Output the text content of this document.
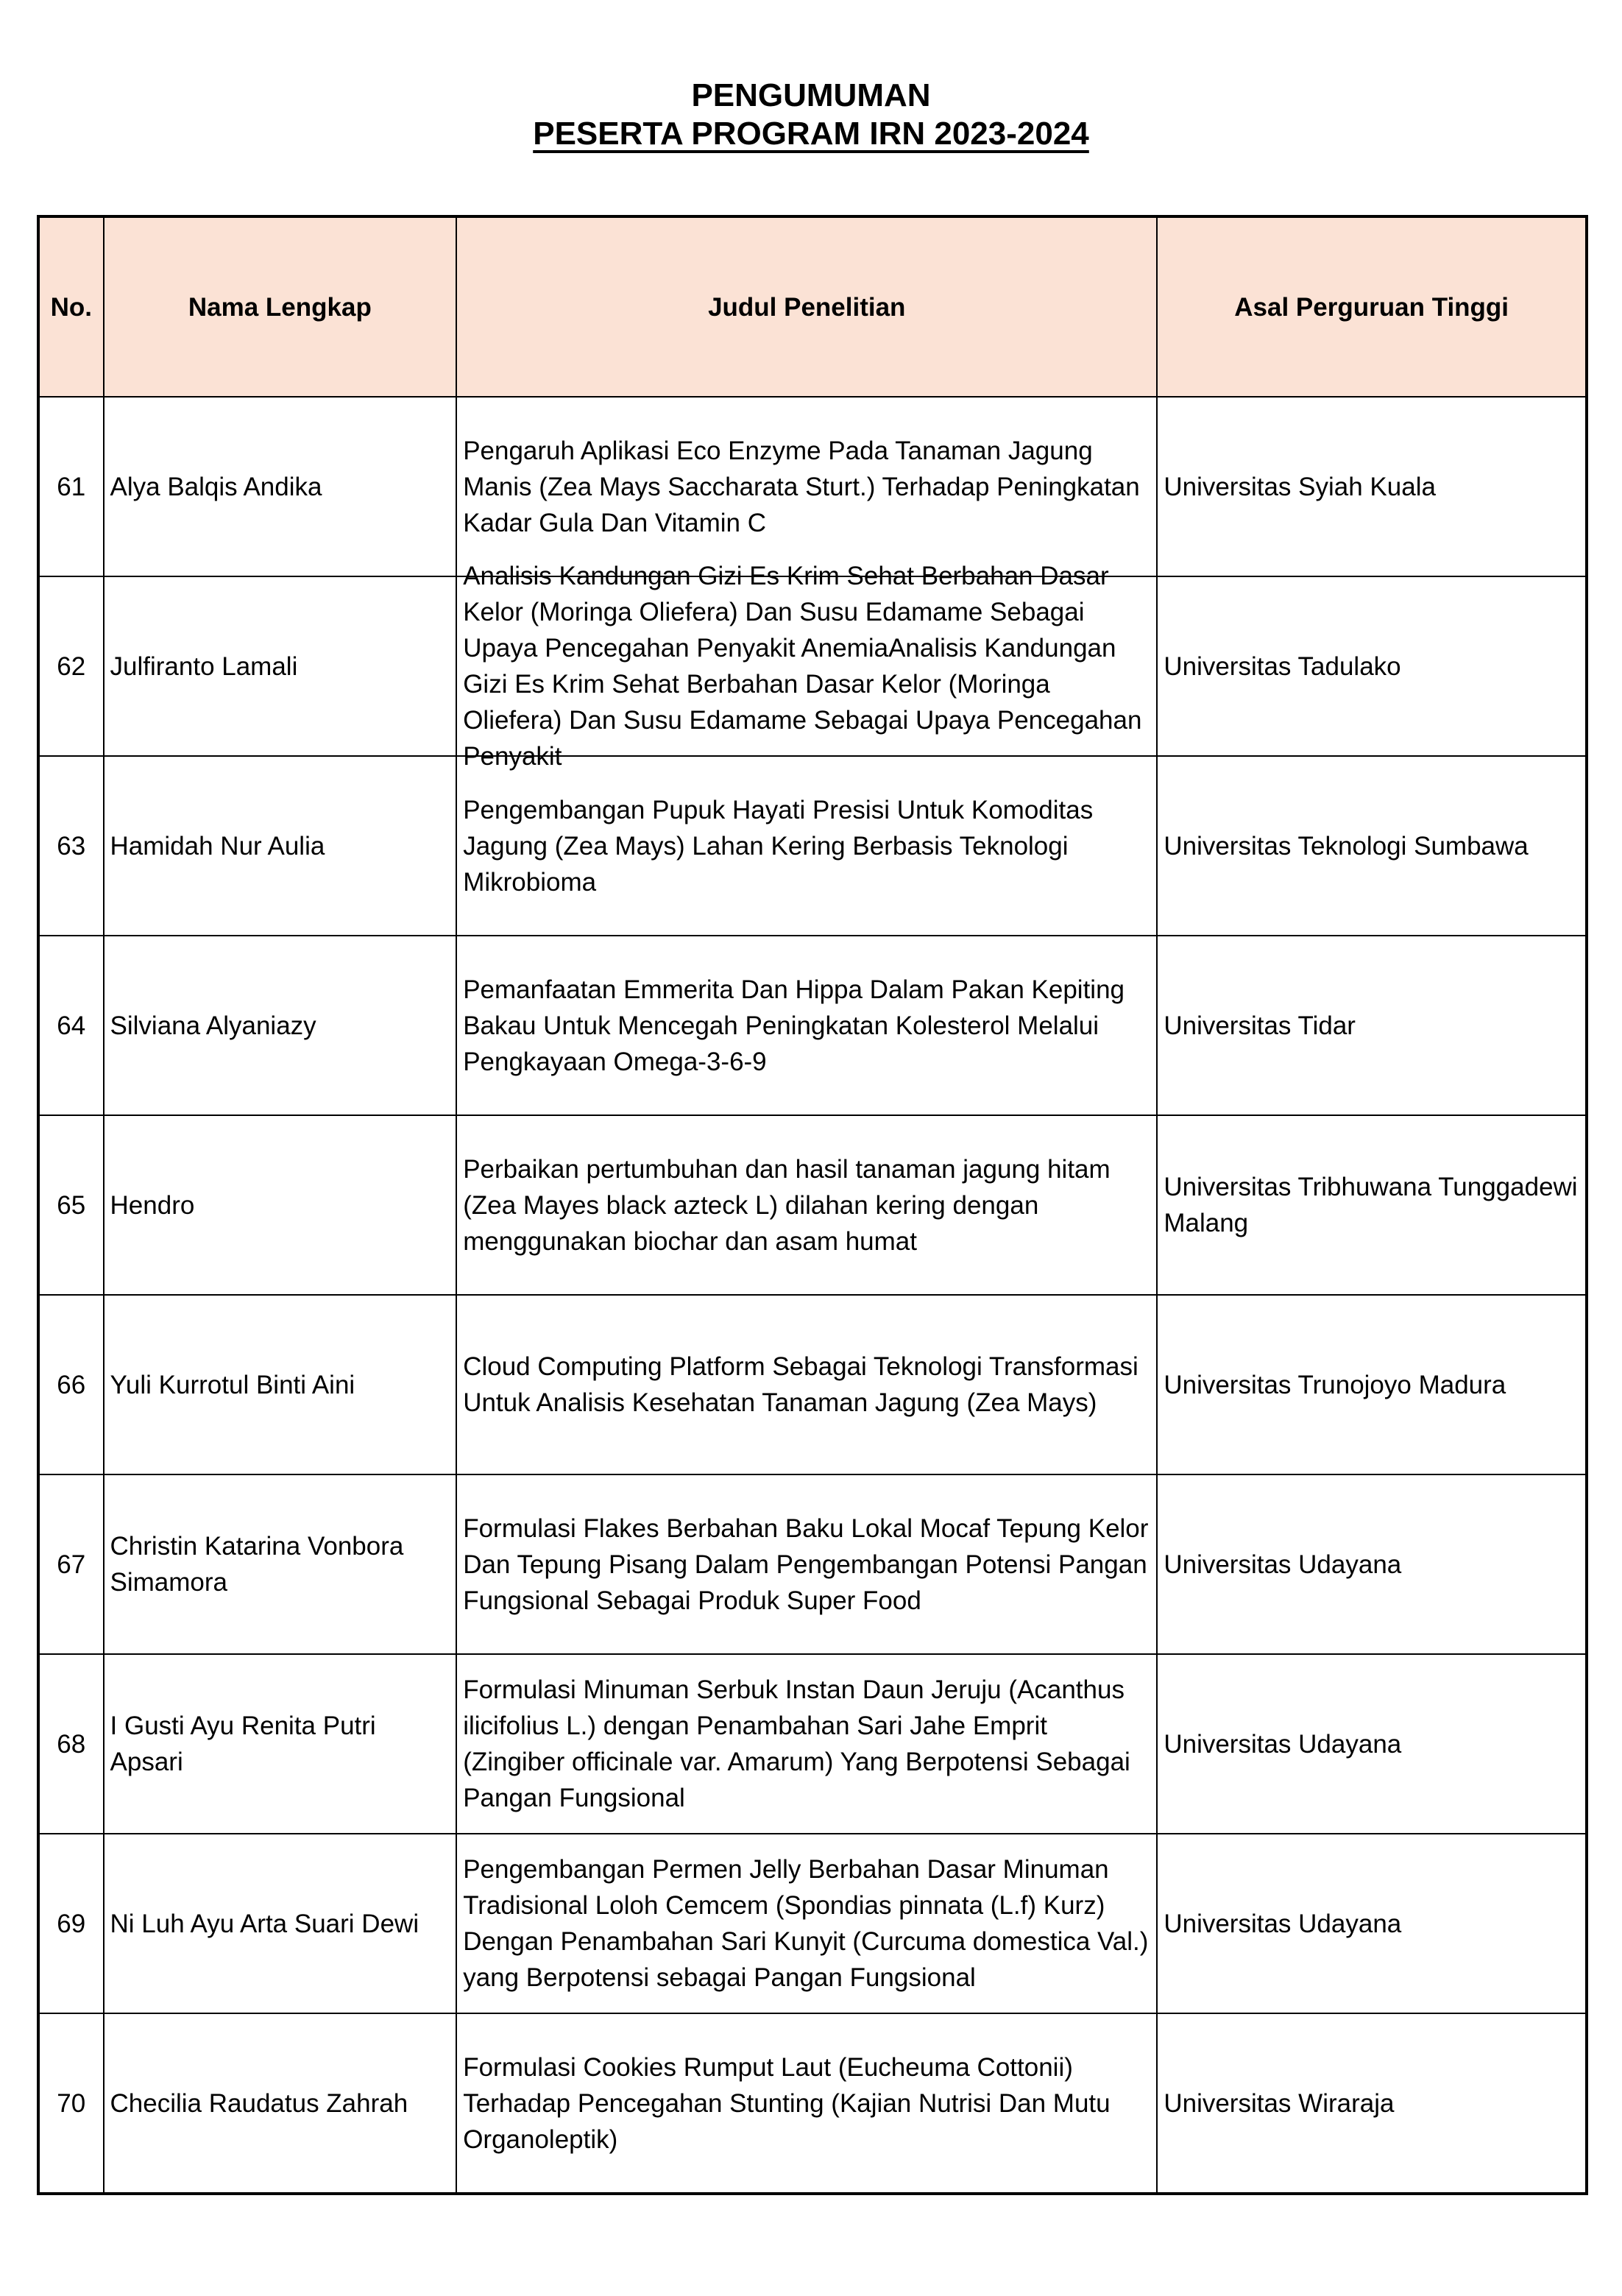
PENGUMUMAN
PESERTA PROGRAM IRN 2023-2024
No.	Nama Lengkap	Judul Penelitian	Asal Perguruan Tinggi

61	Alya Balqis Andika	Pengaruh Aplikasi Eco Enzyme Pada Tanaman Jagung Manis (Zea Mays Saccharata Sturt.) Terhadap Peningkatan Kadar Gula Dan Vitamin C	Universitas Syiah Kuala

62	Julfiranto Lamali	Analisis Kandungan Gizi Es Krim Sehat Berbahan Dasar Kelor (Moringa Oliefera) Dan Susu Edamame Sebagai Upaya Pencegahan Penyakit AnemiaAnalisis Kandungan Gizi Es Krim Sehat Berbahan Dasar Kelor (Moringa Oliefera) Dan Susu Edamame Sebagai Upaya Pencegahan Penyakit	Universitas Tadulako

63	Hamidah Nur Aulia	Pengembangan Pupuk Hayati Presisi Untuk Komoditas Jagung (Zea Mays) Lahan Kering Berbasis Teknologi Mikrobioma	Universitas Teknologi Sumbawa

64	Silviana Alyaniazy	Pemanfaatan Emmerita Dan Hippa Dalam Pakan Kepiting Bakau Untuk Mencegah Peningkatan Kolesterol Melalui Pengkayaan Omega-3-6-9	Universitas Tidar

65	Hendro	Perbaikan pertumbuhan dan hasil tanaman jagung hitam (Zea Mayes black azteck L) dilahan kering dengan menggunakan biochar dan asam humat	Universitas Tribhuwana Tunggadewi Malang

66	Yuli Kurrotul Binti Aini	Cloud Computing Platform Sebagai Teknologi Transformasi Untuk Analisis Kesehatan Tanaman Jagung (Zea Mays)	Universitas Trunojoyo Madura

67	Christin Katarina Vonbora Simamora	Formulasi Flakes Berbahan Baku Lokal Mocaf Tepung Kelor Dan Tepung Pisang Dalam Pengembangan Potensi Pangan Fungsional Sebagai Produk Super Food	Universitas Udayana

68	I Gusti Ayu Renita Putri Apsari	Formulasi Minuman Serbuk Instan Daun Jeruju (Acanthus ilicifolius L.) dengan Penambahan Sari Jahe Emprit (Zingiber officinale var. Amarum) Yang Berpotensi Sebagai Pangan Fungsional	Universitas Udayana

69	Ni Luh Ayu Arta Suari Dewi	Pengembangan Permen Jelly Berbahan Dasar Minuman Tradisional Loloh Cemcem (Spondias pinnata (L.f) Kurz) Dengan Penambahan Sari Kunyit (Curcuma domestica Val.) yang Berpotensi sebagai Pangan Fungsional	Universitas Udayana

70	Checilia Raudatus Zahrah	Formulasi Cookies Rumput Laut (Eucheuma Cottonii) Terhadap Pencegahan Stunting (Kajian Nutrisi Dan Mutu Organoleptik)	Universitas Wiraraja
